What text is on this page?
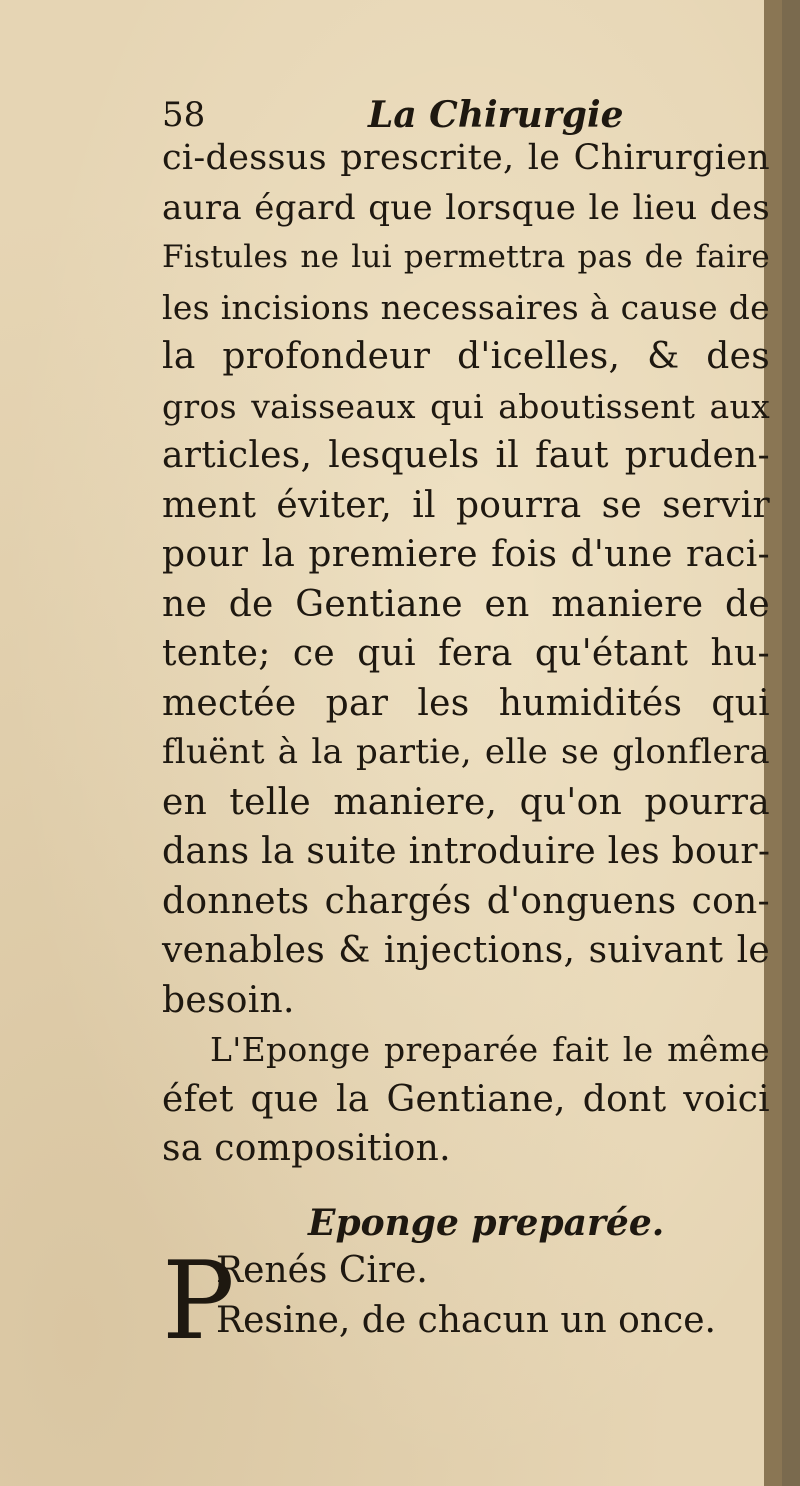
58	La Chirurgie
ci-dessus prescrite, le Chirurgien
aura égard que lorsque le lieu des
Fistules ne lui permettra pas de faire
les incisions necessaires à cause de
la profondeur d'icelles, & des
gros vaisseaux qui aboutissent aux
articles, lesquels il faut pruden-
ment éviter, il pourra se servir
pour la premiere fois d'une raci-
ne de Gentiane en maniere de
tente; ce qui fera qu'étant hu-
mectée par les humidités qui
fluënt à la partie, elle se glonflera
en telle maniere, qu'on pourra
dans la suite introduire les bour-
donnets chargés d'onguens con-
venables & injections, suivant le
besoin.
L'Eponge preparée fait le même
éfet que la Gentiane, dont voici
sa composition.
Eponge preparée.
P
Renés Cire.
Resine, de chacun un once.
